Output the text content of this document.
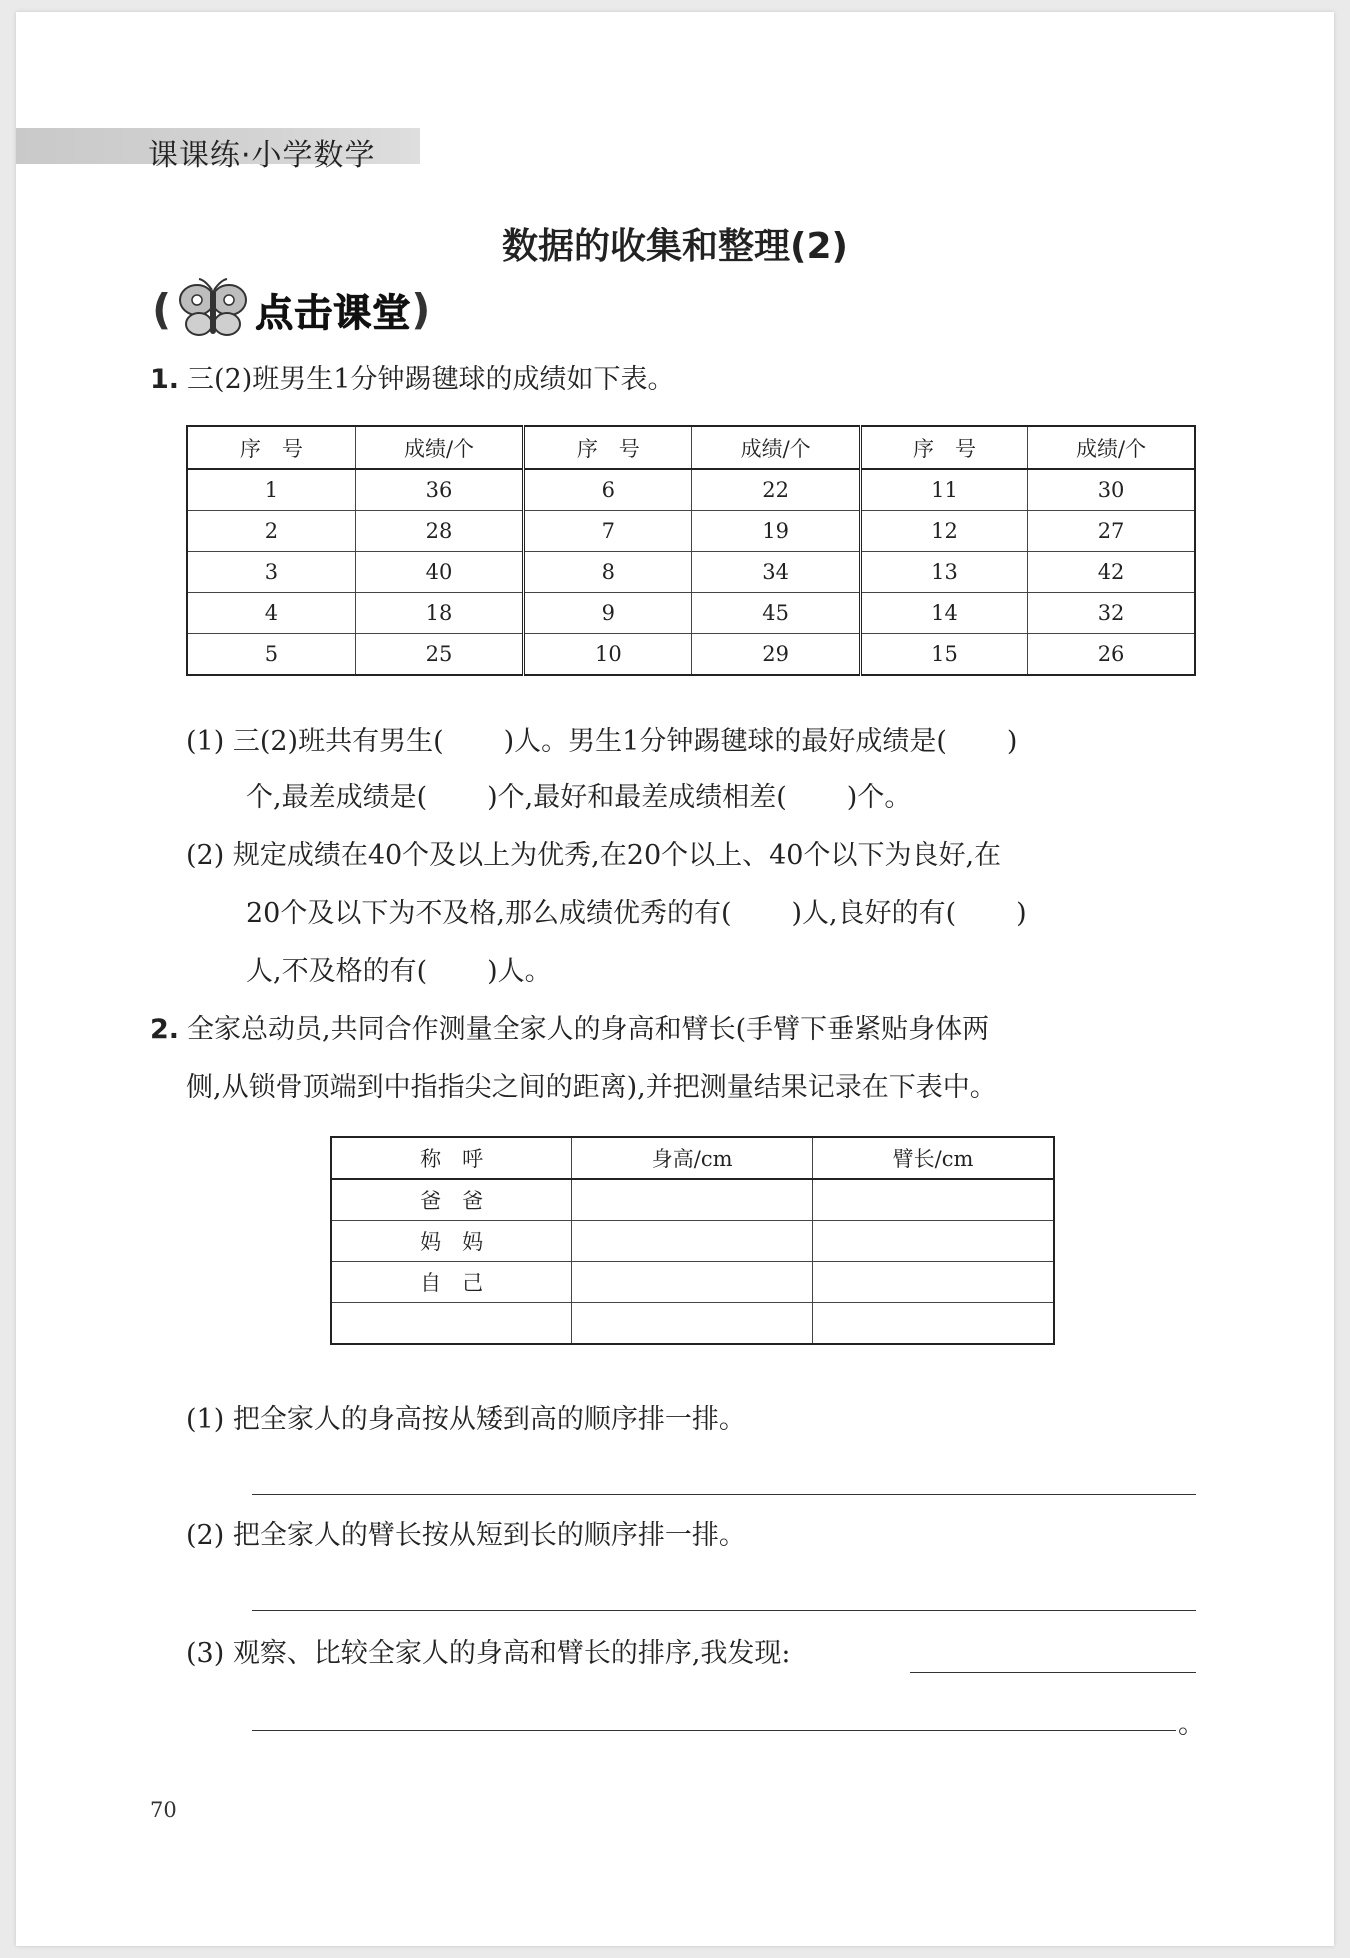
课课练·小学数学
数据的收集和整理(2)
( 点击课堂 )
1. 三(2)班男生1分钟踢毽球的成绩如下表。
序　号	成绩/个	序　号	成绩/个	序　号	成绩/个
1	36	6	22	11	30
2	28	7	19	12	27
3	40	8	34	13	42
4	18	9	45	14	32
5	25	10	29	15	26
(1) 三(2)班共有男生( )人。男生1分钟踢毽球的最好成绩是( )
个,最差成绩是( )个,最好和最差成绩相差( )个。
(2) 规定成绩在40个及以上为优秀,在20个以上、40个以下为良好,在
20个及以下为不及格,那么成绩优秀的有( )人,良好的有( )
人,不及格的有( )人。
2. 全家总动员,共同合作测量全家人的身高和臂长(手臂下垂紧贴身体两
侧,从锁骨顶端到中指指尖之间的距离),并把测量结果记录在下表中。
称　呼	身高/cm	臂长/cm
爸　爸		
妈　妈		
自　己		

(1) 把全家人的身高按从矮到高的顺序排一排。
(2) 把全家人的臂长按从短到长的顺序排一排。
(3) 观察、比较全家人的身高和臂长的排序,我发现:
。
70
